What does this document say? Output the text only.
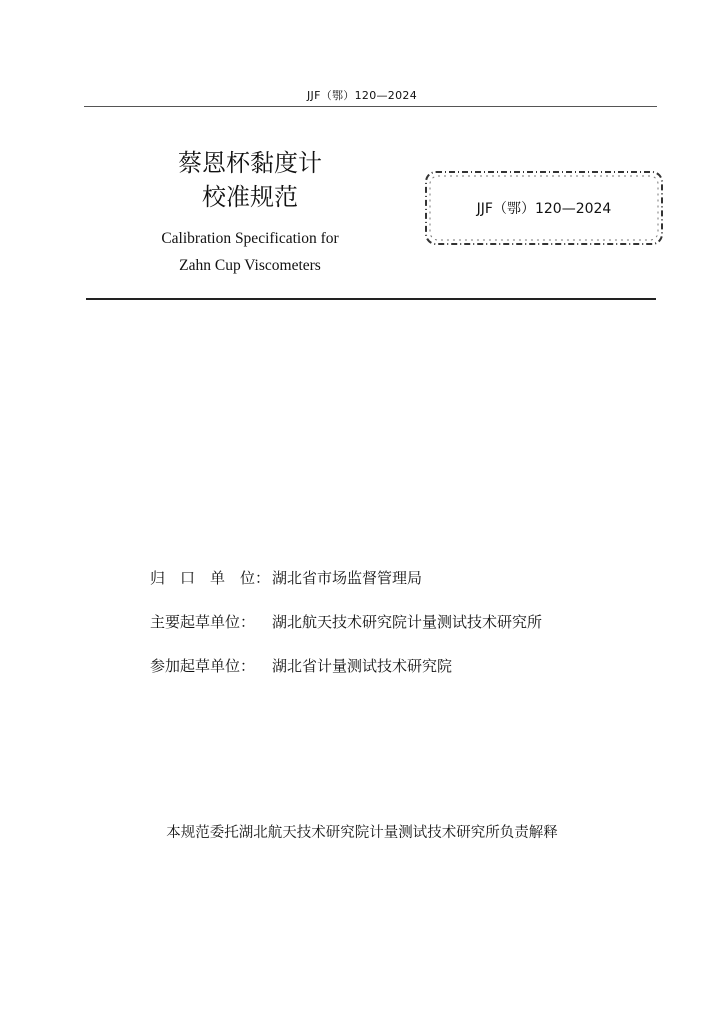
JJF（鄂）120—2024
蔡恩杯黏度计
校准规范
Calibration Specification for
Zahn Cup Viscometers
JJF（鄂）120—2024
归　口　单　位： 湖北省市场监督管理局
主要起草单位： 湖北航天技术研究院计量测试技术研究所
参加起草单位： 湖北省计量测试技术研究院
本规范委托湖北航天技术研究院计量测试技术研究所负责解释
